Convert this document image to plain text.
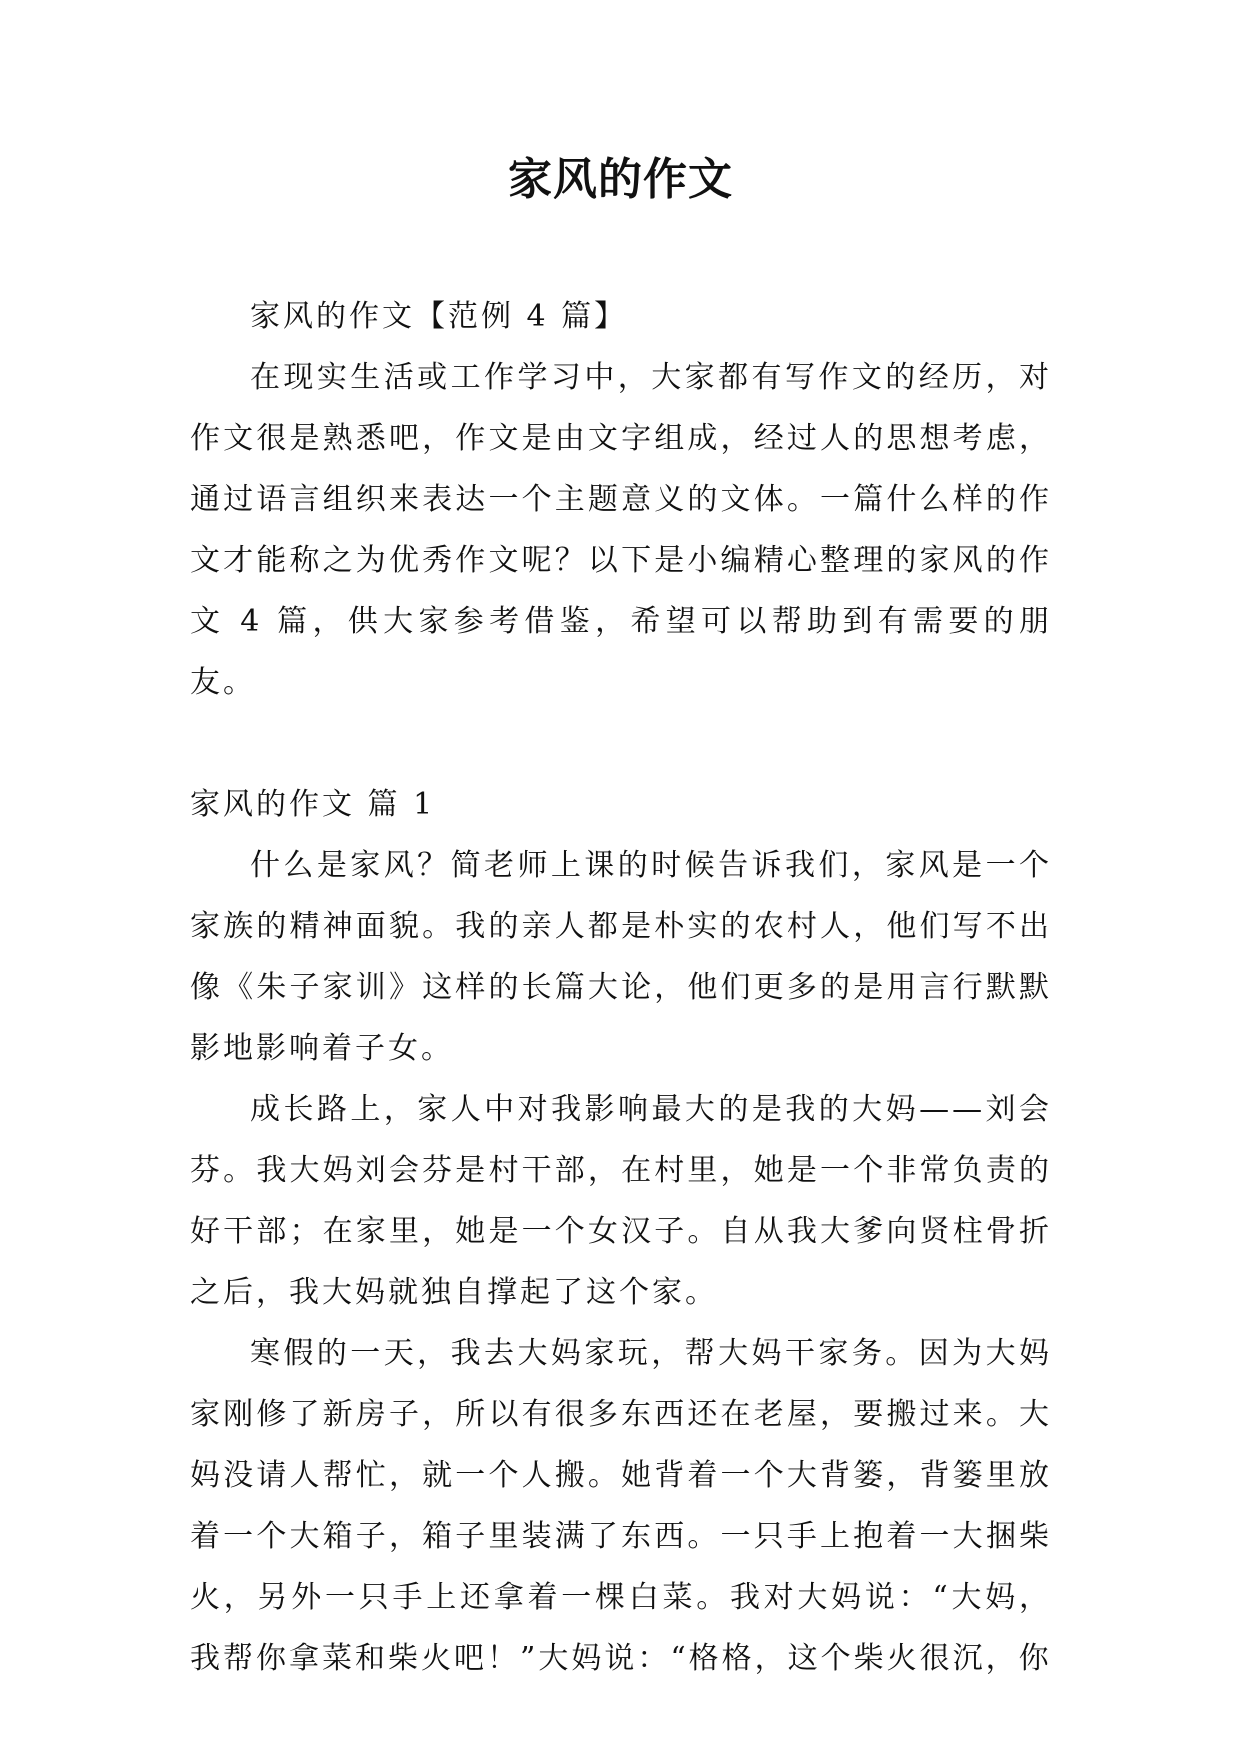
家风的作文

家风的作文【范例 4 篇】

在现实生活或工作学习中，大家都有写作文的经历，对作文很是熟悉吧，作文是由文字组成，经过人的思想考虑，通过语言组织来表达一个主题意义的文体。一篇什么样的作文才能称之为优秀作文呢？以下是小编精心整理的家风的作文 4 篇，供大家参考借鉴，希望可以帮助到有需要的朋友。

家风的作文 篇 1

什么是家风？简老师上课的时候告诉我们，家风是一个家族的精神面貌。我的亲人都是朴实的农村人，他们写不出像《朱子家训》这样的长篇大论，他们更多的是用言行默默影地影响着子女。

成长路上，家人中对我影响最大的是我的大妈——刘会芬。我大妈刘会芬是村干部，在村里，她是一个非常负责的好干部；在家里，她是一个女汉子。自从我大爹向贤柱骨折之后，我大妈就独自撑起了这个家。

寒假的一天，我去大妈家玩，帮大妈干家务。因为大妈家刚修了新房子，所以有很多东西还在老屋，要搬过来。大妈没请人帮忙，就一个人搬。她背着一个大背篓，背篓里放着一个大箱子，箱子里装满了东西。一只手上抱着一大捆柴火，另外一只手上还拿着一棵白菜。我对大妈说：“大妈，我帮你拿菜和柴火吧！”大妈说：“格格，这个柴火很沉，你
